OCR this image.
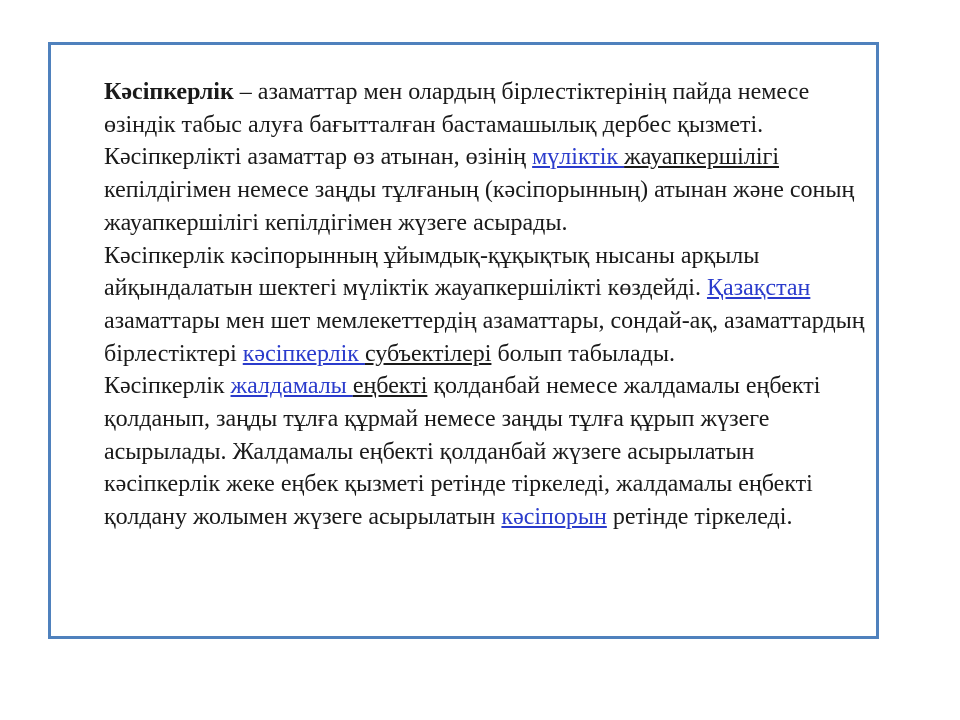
Кәсіпкерлік – азаматтар мен олардың бірлестіктерінің пайда немесе өзіндік табыс алуға бағытталған бастамашылық дербес қызметі.

Кәсіпкерлікті азаматтар өз атынан, өзінің мүліктік жауапкершілігі кепілдігімен немесе заңды тұлғаның (кәсіпорынның) атынан және соның жауапкершілігі кепілдігімен жүзеге асырады.

Кәсіпкерлік кәсіпорынның ұйымдық-құқықтық нысаны арқылы айқындалатын шектегі мүліктік жауапкершілікті көздейді. Қазақстан азаматтары мен шет мемлекеттердің азаматтары, сондай-ақ, азаматтардың бірлестіктері кәсіпкерлік субъектілері болып табылады.

Кәсіпкерлік жалдамалы еңбекті қолданбай немесе жалдамалы еңбекті қолданып, заңды тұлға құрмай немесе заңды тұлға құрып жүзеге асырылады. Жалдамалы еңбекті қолданбай жүзеге асырылатын кәсіпкерлік жеке еңбек қызметі ретінде тіркеледі, жалдамалы еңбекті қолдану жолымен жүзеге асырылатын кәсіпорын ретінде тіркеледі.
